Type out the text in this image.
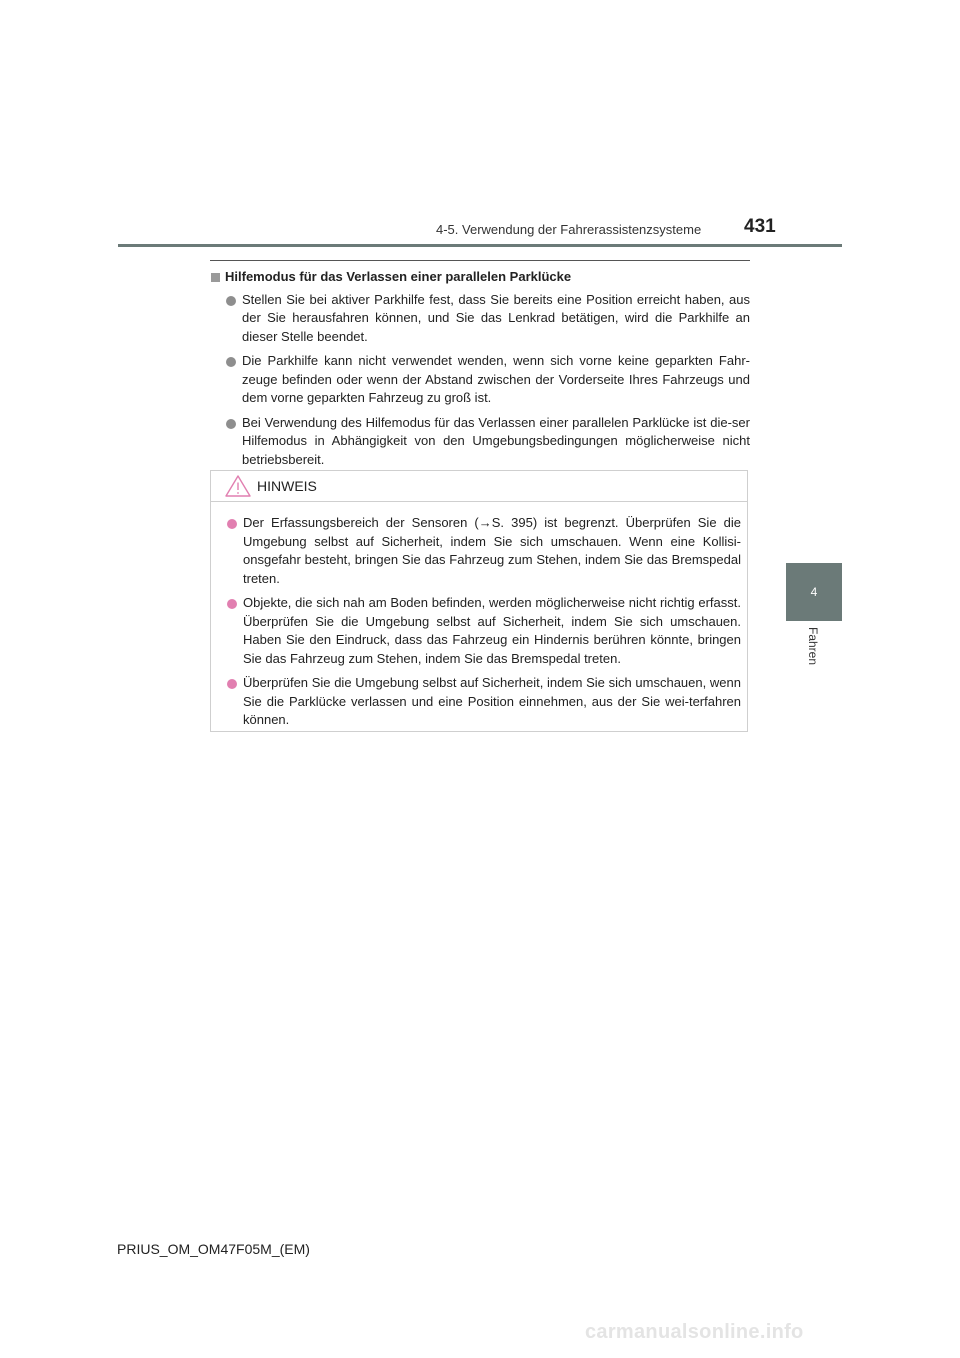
4-5. Verwendung der Fahrerassistenzsysteme 431
4
Fahren
Hilfemodus für das Verlassen einer parallelen Parklücke
Stellen Sie bei aktiver Parkhilfe fest, dass Sie bereits eine Position erreicht haben, aus der Sie herausfahren können, und Sie das Lenkrad betätigen, wird die Parkhilfe an dieser Stelle beendet.
Die Parkhilfe kann nicht verwendet wenden, wenn sich vorne keine geparkten Fahr-zeuge befinden oder wenn der Abstand zwischen der Vorderseite Ihres Fahrzeugs und dem vorne geparkten Fahrzeug zu groß ist.
Bei Verwendung des Hilfemodus für das Verlassen einer parallelen Parklücke ist die-ser Hilfemodus in Abhängigkeit von den Umgebungsbedingungen möglicherweise nicht betriebsbereit.
HINWEIS
Der Erfassungsbereich der Sensoren (→S. 395) ist begrenzt. Überprüfen Sie die Umgebung selbst auf Sicherheit, indem Sie sich umschauen. Wenn eine Kollisi-onsgefahr besteht, bringen Sie das Fahrzeug zum Stehen, indem Sie das Bremspedal treten.
Objekte, die sich nah am Boden befinden, werden möglicherweise nicht richtig erfasst. Überprüfen Sie die Umgebung selbst auf Sicherheit, indem Sie sich umschauen. Haben Sie den Eindruck, dass das Fahrzeug ein Hindernis berühren könnte, bringen Sie das Fahrzeug zum Stehen, indem Sie das Bremspedal treten.
Überprüfen Sie die Umgebung selbst auf Sicherheit, indem Sie sich umschauen, wenn Sie die Parklücke verlassen und eine Position einnehmen, aus der Sie wei-terfahren können.
PRIUS_OM_OM47F05M_(EM)
carmanualsonline.info
